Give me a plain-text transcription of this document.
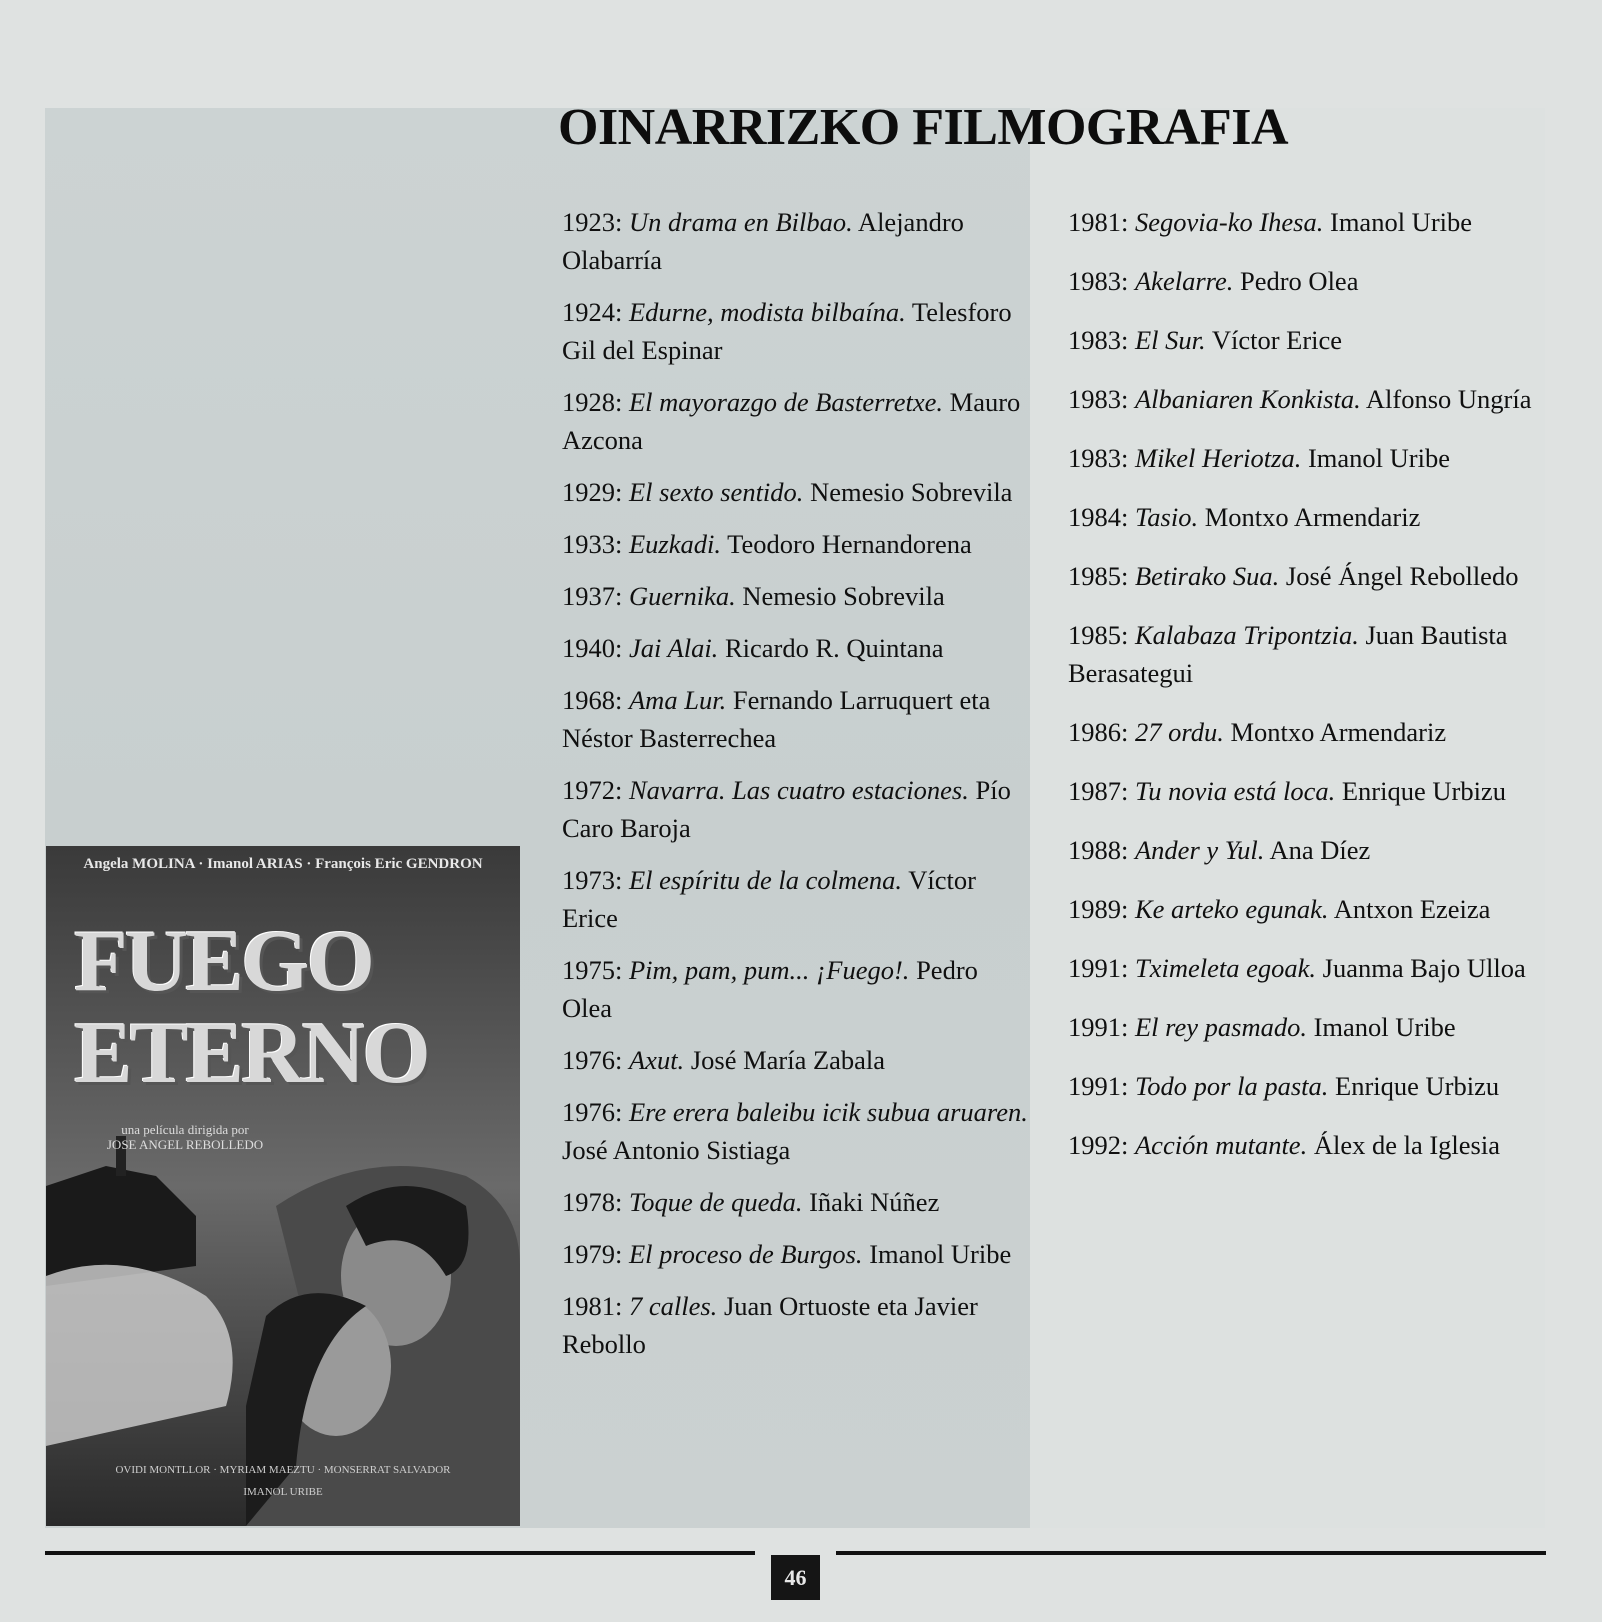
OINARRIZKO FILMOGRAFIA

1923: Un drama en Bilbao. Alejandro Olabarría

1924: Edurne, modista bilbaína. Telesforo Gil del Espinar

1928: El mayorazgo de Basterretxe. Mauro Azcona

1929: El sexto sentido. Nemesio Sobrevila

1933: Euzkadi. Teodoro Hernandorena

1937: Guernika. Nemesio Sobrevila

1940: Jai Alai. Ricardo R. Quintana

1968: Ama Lur. Fernando Larruquert eta Néstor Basterrechea

1972: Navarra. Las cuatro estaciones. Pío Caro Baroja

1973: El espíritu de la colmena. Víctor Erice

1975: Pim, pam, pum... ¡Fuego!. Pedro Olea

1976: Axut. José María Zabala

1976: Ere erera baleibu icik subua aruaren. José Antonio Sistiaga

1978: Toque de queda. Iñaki Núñez

1979: El proceso de Burgos. Imanol Uribe

1981: 7 calles. Juan Ortuoste eta Javier Rebollo

1981: Segovia-ko Ihesa. Imanol Uribe

1983: Akelarre. Pedro Olea

1983: El Sur. Víctor Erice

1983: Albaniaren Konkista. Alfonso Ungría

1983: Mikel Heriotza. Imanol Uribe

1984: Tasio. Montxo Armendariz

1985: Betirako Sua. José Ángel Rebolledo

1985: Kalabaza Tripontzia. Juan Bautista Berasategui

1986: 27 ordu. Montxo Armendariz

1987: Tu novia está loca. Enrique Urbizu

1988: Ander y Yul. Ana Díez

1989: Ke arteko egunak. Antxon Ezeiza

1991: Tximeleta egoak. Juanma Bajo Ulloa

1991: El rey pasmado. Imanol Uribe

1991: Todo por la pasta. Enrique Urbizu

1992: Acción mutante. Álex de la Iglesia

Angela MOLINA · Imanol ARIAS · François Eric GENDRON
FUEGO
ETERNO
una película dirigida por
JOSE ANGEL REBOLLEDO
OVIDI MONTLLOR · MYRIAM MAEZTU · MONSERRAT SALVADOR
IMANOL URIBE
46
